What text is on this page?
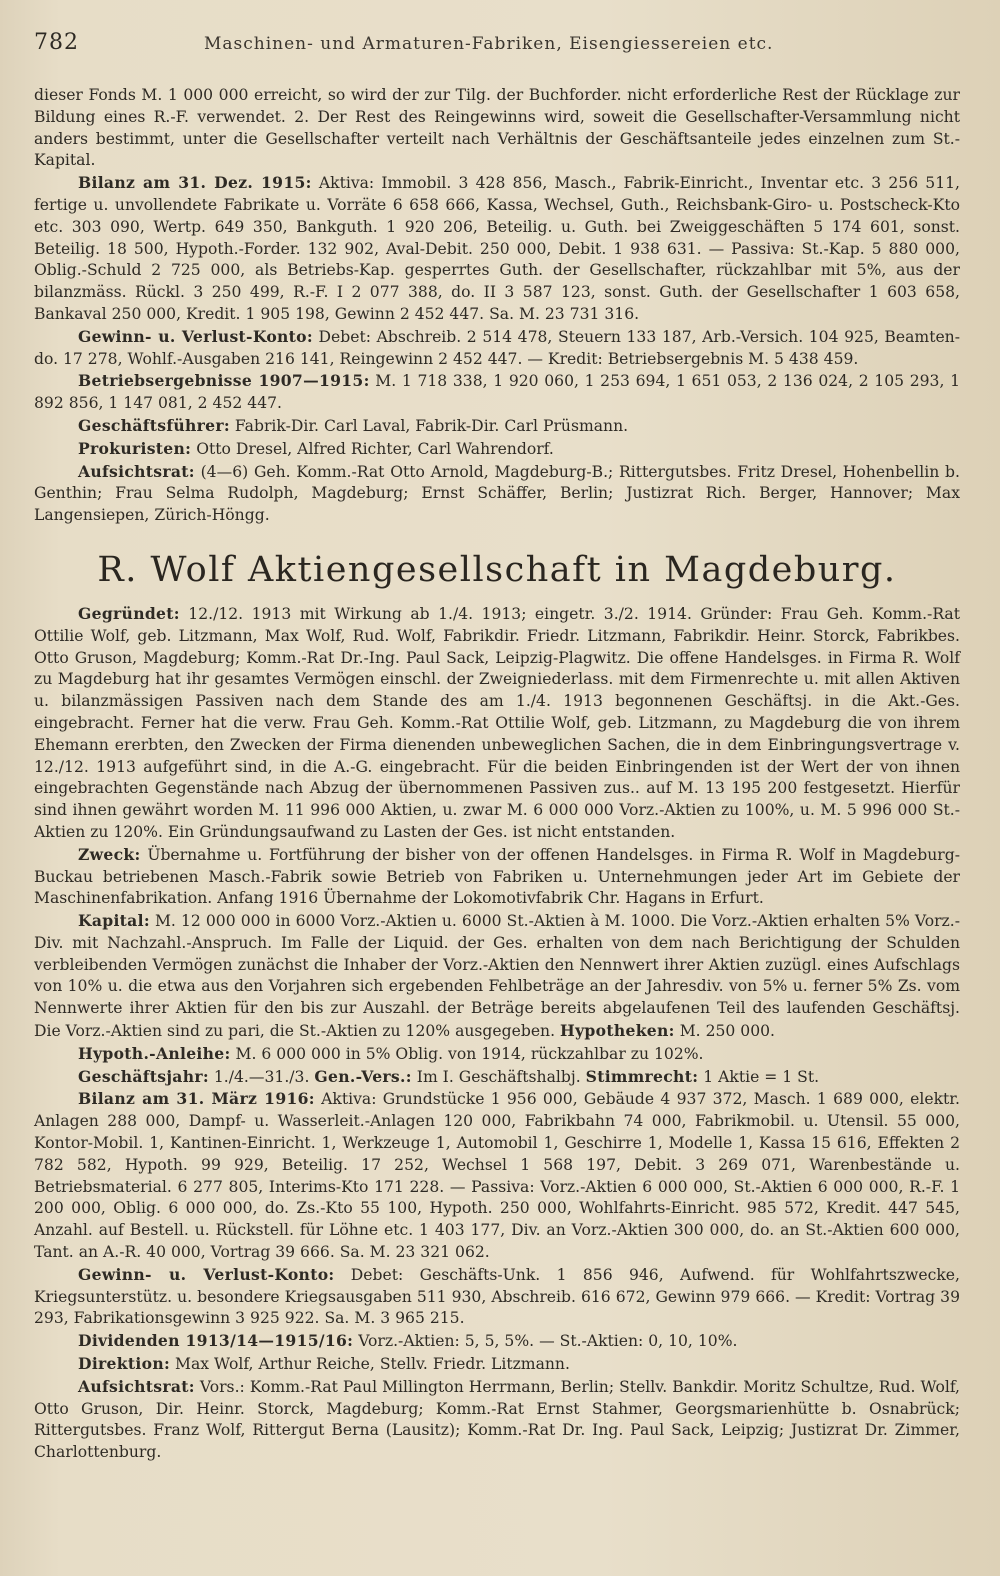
782	Maschinen- und Armaturen-Fabriken, Eisengiessereien etc.

dieser Fonds M. 1 000 000 erreicht, so wird der zur Tilg. der Buchforder. nicht erforderliche Rest der Rücklage zur Bildung eines R.-F. verwendet. 2. Der Rest des Reingewinns wird, soweit die Gesellschafter-Versammlung nicht anders bestimmt, unter die Gesellschafter verteilt nach Verhältnis der Geschäftsanteile jedes einzelnen zum St.-Kapital.

Bilanz am 31. Dez. 1915: Aktiva: Immobil. 3 428 856, Masch., Fabrik-Einricht., Inventar etc. 3 256 511, fertige u. unvollendete Fabrikate u. Vorräte 6 658 666, Kassa, Wechsel, Guth., Reichsbank-Giro- u. Postscheck-Kto etc. 303 090, Wertp. 649 350, Bankguth. 1 920 206, Beteilig. u. Guth. bei Zweiggeschäften 5 174 601, sonst. Beteilig. 18 500, Hypoth.-Forder. 132 902, Aval-Debit. 250 000, Debit. 1 938 631. — Passiva: St.-Kap. 5 880 000, Oblig.-Schuld 2 725 000, als Betriebs-Kap. gesperrtes Guth. der Gesellschafter, rückzahlbar mit 5%, aus der bilanzmäss. Rückl. 3 250 499, R.-F. I 2 077 388, do. II 3 587 123, sonst. Guth. der Gesellschafter 1 603 658, Bankaval 250 000, Kredit. 1 905 198, Gewinn 2 452 447. Sa. M. 23 731 316.

Gewinn- u. Verlust-Konto: Debet: Abschreib. 2 514 478, Steuern 133 187, Arb.-Versich. 104 925, Beamten- do. 17 278, Wohlf.-Ausgaben 216 141, Reingewinn 2 452 447. — Kredit: Betriebsergebnis M. 5 438 459.

Betriebsergebnisse 1907—1915: M. 1 718 338, 1 920 060, 1 253 694, 1 651 053, 2 136 024, 2 105 293, 1 892 856, 1 147 081, 2 452 447.

Geschäftsführer: Fabrik-Dir. Carl Laval, Fabrik-Dir. Carl Prüsmann.

Prokuristen: Otto Dresel, Alfred Richter, Carl Wahrendorf.

Aufsichtsrat: (4—6) Geh. Komm.-Rat Otto Arnold, Magdeburg-B.; Rittergutsbes. Fritz Dresel, Hohenbellin b. Genthin; Frau Selma Rudolph, Magdeburg; Ernst Schäffer, Berlin; Justizrat Rich. Berger, Hannover; Max Langensiepen, Zürich-Höngg.

R. Wolf Aktiengesellschaft in Magdeburg.

Gegründet: 12./12. 1913 mit Wirkung ab 1./4. 1913; eingetr. 3./2. 1914. Gründer: Frau Geh. Komm.-Rat Ottilie Wolf, geb. Litzmann, Max Wolf, Rud. Wolf, Fabrikdir. Friedr. Litzmann, Fabrikdir. Heinr. Storck, Fabrikbes. Otto Gruson, Magdeburg; Komm.-Rat Dr.-Ing. Paul Sack, Leipzig-Plagwitz. Die offene Handelsges. in Firma R. Wolf zu Magdeburg hat ihr gesamtes Vermögen einschl. der Zweigniederlass. mit dem Firmenrechte u. mit allen Aktiven u. bilanzmässigen Passiven nach dem Stande des am 1./4. 1913 begonnenen Geschäftsj. in die Akt.-Ges. eingebracht. Ferner hat die verw. Frau Geh. Komm.-Rat Ottilie Wolf, geb. Litzmann, zu Magdeburg die von ihrem Ehemann ererbten, den Zwecken der Firma dienenden unbeweglichen Sachen, die in dem Einbringungsvertrage v. 12./12. 1913 aufgeführt sind, in die A.-G. eingebracht. Für die beiden Einbringenden ist der Wert der von ihnen eingebrachten Gegenstände nach Abzug der übernommenen Passiven zus.. auf M. 13 195 200 festgesetzt. Hierfür sind ihnen gewährt worden M. 11 996 000 Aktien, u. zwar M. 6 000 000 Vorz.-Aktien zu 100%, u. M. 5 996 000 St.-Aktien zu 120%. Ein Gründungsaufwand zu Lasten der Ges. ist nicht entstanden.

Zweck: Übernahme u. Fortführung der bisher von der offenen Handelsges. in Firma R. Wolf in Magdeburg-Buckau betriebenen Masch.-Fabrik sowie Betrieb von Fabriken u. Unternehmungen jeder Art im Gebiete der Maschinenfabrikation. Anfang 1916 Übernahme der Lokomotivfabrik Chr. Hagans in Erfurt.

Kapital: M. 12 000 000 in 6000 Vorz.-Aktien u. 6000 St.-Aktien à M. 1000. Die Vorz.-Aktien erhalten 5% Vorz.-Div. mit Nachzahl.-Anspruch. Im Falle der Liquid. der Ges. erhalten von dem nach Berichtigung der Schulden verbleibenden Vermögen zunächst die Inhaber der Vorz.-Aktien den Nennwert ihrer Aktien zuzügl. eines Aufschlags von 10% u. die etwa aus den Vorjahren sich ergebenden Fehlbeträge an der Jahresdiv. von 5% u. ferner 5% Zs. vom Nennwerte ihrer Aktien für den bis zur Auszahl. der Beträge bereits abgelaufenen Teil des laufenden Geschäftsj. Die Vorz.-Aktien sind zu pari, die St.-Aktien zu 120% ausgegeben. Hypotheken: M. 250 000.

Hypoth.-Anleihe: M. 6 000 000 in 5% Oblig. von 1914, rückzahlbar zu 102%.

Geschäftsjahr: 1./4.—31./3. Gen.-Vers.: Im I. Geschäftshalbj. Stimmrecht: 1 Aktie = 1 St.

Bilanz am 31. März 1916: Aktiva: Grundstücke 1 956 000, Gebäude 4 937 372, Masch. 1 689 000, elektr. Anlagen 288 000, Dampf- u. Wasserleit.-Anlagen 120 000, Fabrikbahn 74 000, Fabrikmobil. u. Utensil. 55 000, Kontor-Mobil. 1, Kantinen-Einricht. 1, Werkzeuge 1, Automobil 1, Geschirre 1, Modelle 1, Kassa 15 616, Effekten 2 782 582, Hypoth. 99 929, Beteilig. 17 252, Wechsel 1 568 197, Debit. 3 269 071, Warenbestände u. Betriebsmaterial. 6 277 805, Interims-Kto 171 228. — Passiva: Vorz.-Aktien 6 000 000, St.-Aktien 6 000 000, R.-F. 1 200 000, Oblig. 6 000 000, do. Zs.-Kto 55 100, Hypoth. 250 000, Wohlfahrts-Einricht. 985 572, Kredit. 447 545, Anzahl. auf Bestell. u. Rückstell. für Löhne etc. 1 403 177, Div. an Vorz.-Aktien 300 000, do. an St.-Aktien 600 000, Tant. an A.-R. 40 000, Vortrag 39 666. Sa. M. 23 321 062.

Gewinn- u. Verlust-Konto: Debet: Geschäfts-Unk. 1 856 946, Aufwend. für Wohlfahrtszwecke, Kriegsunterstütz. u. besondere Kriegsausgaben 511 930, Abschreib. 616 672, Gewinn 979 666. — Kredit: Vortrag 39 293, Fabrikationsgewinn 3 925 922. Sa. M. 3 965 215.

Dividenden 1913/14—1915/16: Vorz.-Aktien: 5, 5, 5%. — St.-Aktien: 0, 10, 10%.

Direktion: Max Wolf, Arthur Reiche, Stellv. Friedr. Litzmann.

Aufsichtsrat: Vors.: Komm.-Rat Paul Millington Herrmann, Berlin; Stellv. Bankdir. Moritz Schultze, Rud. Wolf, Otto Gruson, Dir. Heinr. Storck, Magdeburg; Komm.-Rat Ernst Stahmer, Georgsmarienhütte b. Osnabrück; Rittergutsbes. Franz Wolf, Rittergut Berna (Lausitz); Komm.-Rat Dr. Ing. Paul Sack, Leipzig; Justizrat Dr. Zimmer, Charlottenburg.
